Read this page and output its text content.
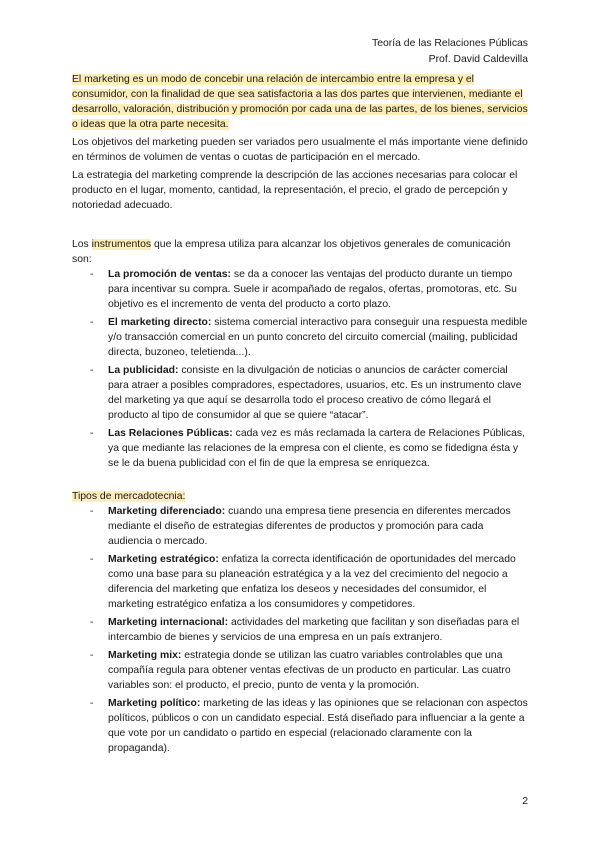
Teoría de las Relaciones Públicas
Prof. David Caldevilla

El marketing es un modo de concebir una relación de intercambio entre la empresa y el consumidor, con la finalidad de que sea satisfactoria a las dos partes que intervienen, mediante el desarrollo, valoración, distribución y promoción por cada una de las partes, de los bienes, servicios o ideas que la otra parte necesita.

Los objetivos del marketing pueden ser variados pero usualmente el más importante viene definido en términos de volumen de ventas o cuotas de participación en el mercado.

La estrategia del marketing comprende la descripción de las acciones necesarias para colocar el producto en el lugar, momento, cantidad, la representación, el precio, el grado de percepción y notoriedad adecuado.

Los instrumentos que la empresa utiliza para alcanzar los objetivos generales de comunicación son:

- La promoción de ventas: se da a conocer las ventajas del producto durante un tiempo para incentivar su compra. Suele ir acompañado de regalos, ofertas, promotoras, etc. Su objetivo es el incremento de venta del producto a corto plazo.
- El marketing directo: sistema comercial interactivo para conseguir una respuesta medible y/o transacción comercial en un punto concreto del circuito comercial (mailing, publicidad directa, buzoneo, teletienda...).
- La publicidad: consiste en la divulgación de noticias o anuncios de carácter comercial para atraer a posibles compradores, espectadores, usuarios, etc. Es un instrumento clave del marketing ya que aquí se desarrolla todo el proceso creativo de cómo llegará el producto al tipo de consumidor al que se quiere “atacar”.
- Las Relaciones Públicas: cada vez es más reclamada la cartera de Relaciones Públicas, ya que mediante las relaciones de la empresa con el cliente, es como se fidedigna ésta y se le da buena publicidad con el fin de que la empresa se enriquezca.

Tipos de mercadotecnia:

- Marketing diferenciado: cuando una empresa tiene presencia en diferentes mercados mediante el diseño de estrategias diferentes de productos y promoción para cada audiencia o mercado.
- Marketing estratégico: enfatiza la correcta identificación de oportunidades del mercado como una base para su planeación estratégica y a la vez del crecimiento del negocio a diferencia del marketing que enfatiza los deseos y necesidades del consumidor, el marketing estratégico enfatiza a los consumidores y competidores.
- Marketing internacional: actividades del marketing que facilitan y son diseñadas para el intercambio de bienes y servicios de una empresa en un país extranjero.
- Marketing mix: estrategia donde se utilizan las cuatro variables controlables que una compañía regula para obtener ventas efectivas de un producto en particular. Las cuatro variables son: el producto, el precio, punto de venta y la promoción.
- Marketing político: marketing de las ideas y las opiniones que se relacionan con aspectos políticos, públicos o con un candidato especial. Está diseñado para influenciar a la gente a que vote por un candidato o partido en especial (relacionado claramente con la propaganda).
2
